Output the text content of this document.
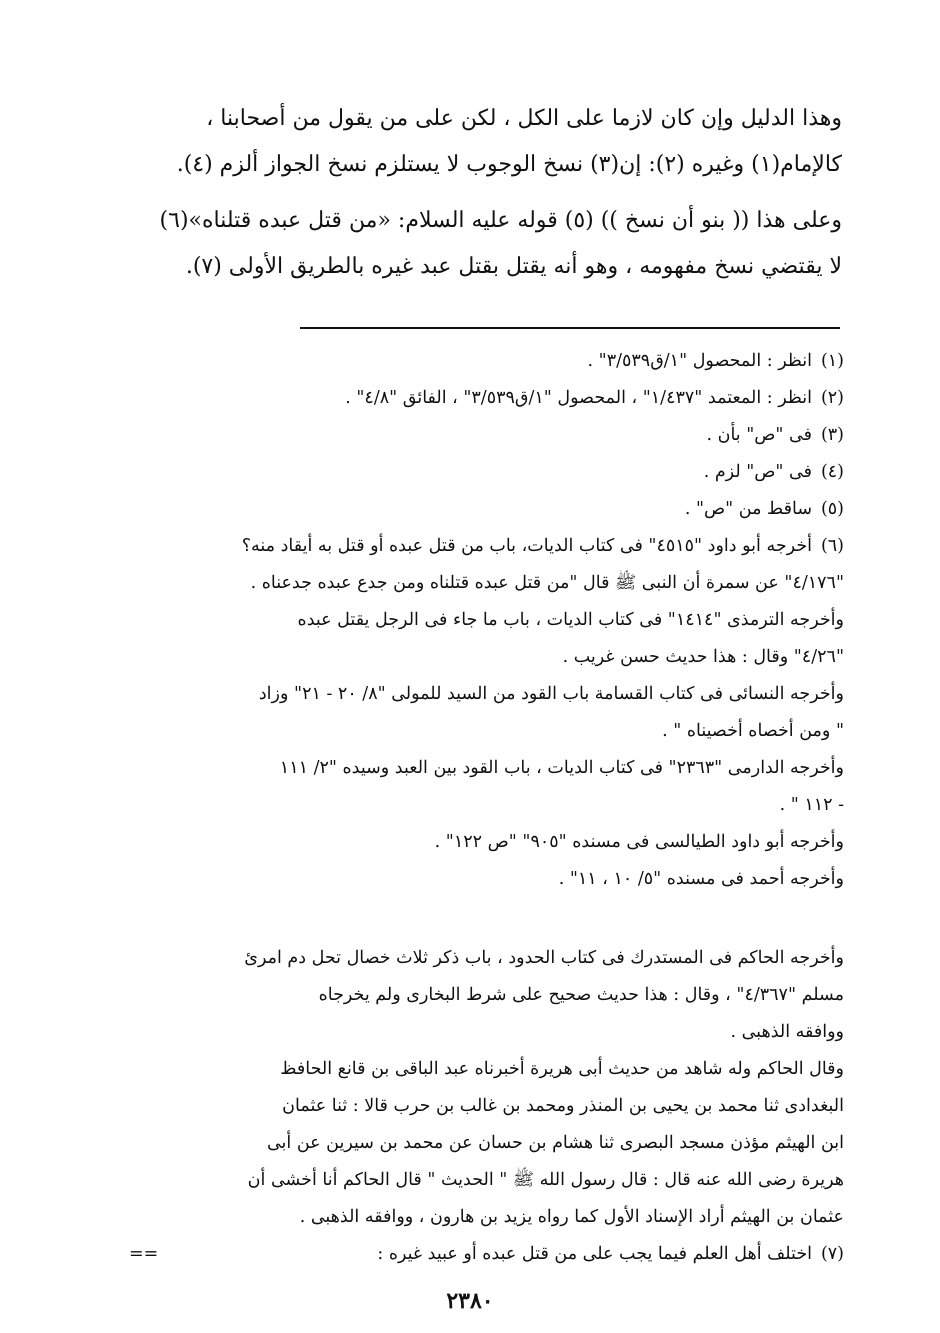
وهذا الدليل وإن كان لازما على الكل ، لكن على من يقول من أصحابنا ،

كالإمام(١) وغيره (٢): إن(٣) نسخ الوجوب لا يستلزم نسخ الجواز ألزم (٤).

وعلى هذا (( بنو أن نسخ )) (٥) قوله عليه السلام: «من قتل عبده قتلناه»(٦)

لا يقتضي نسخ مفهومه ، وهو أنه يقتل بقتل عبد غيره بالطريق الأولى (٧).

(١)انظر : المحصول "١/ق٣/٥٣٩" .

(٢)انظر : المعتمد "١/٤٣٧" ، المحصول "١/ق٣/٥٣٩" ، الفائق "٤/٨" .

(٣)فى "ص" بأن .

(٤)فى "ص" لزم .

(٥)ساقط من "ص" .

(٦)أخرجه أبو داود "٤٥١٥" فى كتاب الديات، باب من قتل عبده أو قتل به أيقاد منه؟
"٤/١٧٦" عن سمرة أن النبى ﷺ قال "من قتل عبده قتلناه ومن جدع عبده جدعناه .
وأخرجه الترمذى "١٤١٤" فى كتاب الديات ، باب ما جاء فى الرجل يقتل عبده
"٤/٢٦" وقال : هذا حديث حسن غريب .
وأخرجه النسائى فى كتاب القسامة باب القود من السيد للمولى "٨/ ٢٠ - ٢١" وزاد
" ومن أخصاه أخصيناه " .
وأخرجه الدارمى "٢٣٦٣" فى كتاب الديات ، باب القود بين العبد وسيده "٢/ ١١١
- ١١٢ " .
وأخرجه أبو داود الطيالسى فى مسنده "٩٠٥" "ص ١٢٢" .
وأخرجه أحمد فى مسنده "٥/ ١٠ ، ١١" .
وأخرجه الحاكم فى المستدرك فى كتاب الحدود ، باب ذكر ثلاث خصال تحل دم امرئ
مسلم "٤/٣٦٧" ، وقال : هذا حديث صحيح على شرط البخارى ولم يخرجاه
ووافقه الذهبى .
وقال الحاكم وله شاهد من حديث أبى هريرة أخبرناه عبد الباقى بن قانع الحافظ
البغدادى ثنا محمد بن يحيى بن المنذر ومحمد بن غالب بن حرب قالا : ثنا عثمان
ابن الهيثم مؤذن مسجد البصرى ثنا هشام بن حسان عن محمد بن سيرين عن أبى
هريرة رضى الله عنه قال : قال رسول الله ﷺ " الحديث " قال الحاكم أنا أخشى أن
عثمان بن الهيثم أراد الإسناد الأول كما رواه يزيد بن هارون ، ووافقه الذهبى .
(٧)اختلف أهل العلم فيما يجب على من قتل عبده أو عبيد غيره :
==
٢٣٨٠
